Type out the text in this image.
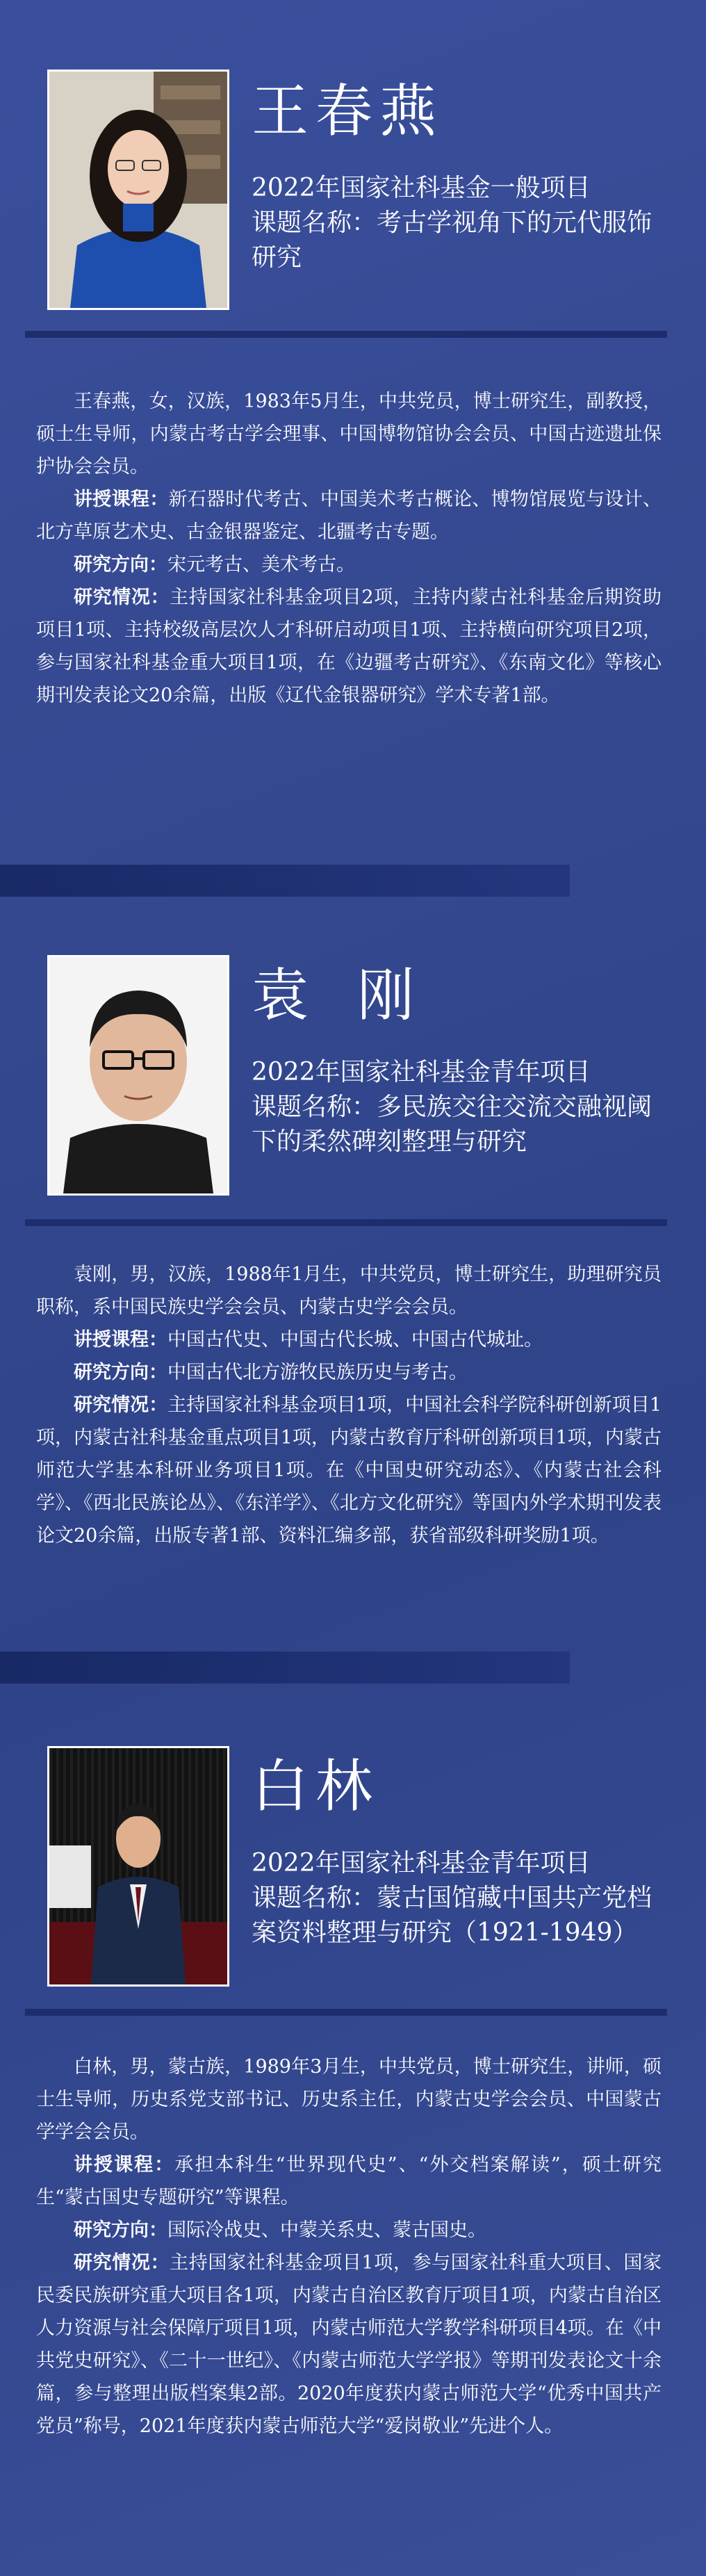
王春燕
2022年国家社科基金一般项目
课题名称：考古学视角下的元代服饰研究

王春燕，女，汉族，1983年5月生，中共党员，博士研究生，副教授，硕士生导师，内蒙古考古学会理事、中国博物馆协会会员、中国古迹遗址保护协会会员。

讲授课程：新石器时代考古、中国美术考古概论、博物馆展览与设计、北方草原艺术史、古金银器鉴定、北疆考古专题。

研究方向：宋元考古、美术考古。

研究情况：主持国家社科基金项目2项，主持内蒙古社科基金后期资助项目1项、主持校级高层次人才科研启动项目1项、主持横向研究项目2项，参与国家社科基金重大项目1项，在《边疆考古研究》、《东南文化》等核心期刊发表论文20余篇，出版《辽代金银器研究》学术专著1部。

袁 刚
2022年国家社科基金青年项目
课题名称：多民族交往交流交融视阈下的柔然碑刻整理与研究

袁刚，男，汉族，1988年1月生，中共党员，博士研究生，助理研究员职称，系中国民族史学会会员、内蒙古史学会会员。

讲授课程：中国古代史、中国古代长城、中国古代城址。

研究方向：中国古代北方游牧民族历史与考古。

研究情况：主持国家社科基金项目1项，中国社会科学院科研创新项目1项，内蒙古社科基金重点项目1项，内蒙古教育厅科研创新项目1项，内蒙古师范大学基本科研业务项目1项。在《中国史研究动态》、《内蒙古社会科学》、《西北民族论丛》、《东洋学》、《北方文化研究》等国内外学术期刊发表论文20余篇，出版专著1部、资料汇编多部，获省部级科研奖励1项。

白林
2022年国家社科基金青年项目
课题名称：蒙古国馆藏中国共产党档案资料整理与研究（1921-1949）

白林，男，蒙古族，1989年3月生，中共党员，博士研究生，讲师，硕士生导师，历史系党支部书记、历史系主任，内蒙古史学会会员、中国蒙古学学会会员。

讲授课程：承担本科生“世界现代史”、“外交档案解读”，硕士研究生“蒙古国史专题研究”等课程。

研究方向：国际冷战史、中蒙关系史、蒙古国史。

研究情况：主持国家社科基金项目1项，参与国家社科重大项目、国家民委民族研究重大项目各1项，内蒙古自治区教育厅项目1项，内蒙古自治区人力资源与社会保障厅项目1项，内蒙古师范大学教学科研项目4项。在《中共党史研究》、《二十一世纪》、《内蒙古师范大学学报》等期刊发表论文十余篇，参与整理出版档案集2部。2020年度获内蒙古师范大学“优秀中国共产党员”称号，2021年度获内蒙古师范大学“爱岗敬业”先进个人。
